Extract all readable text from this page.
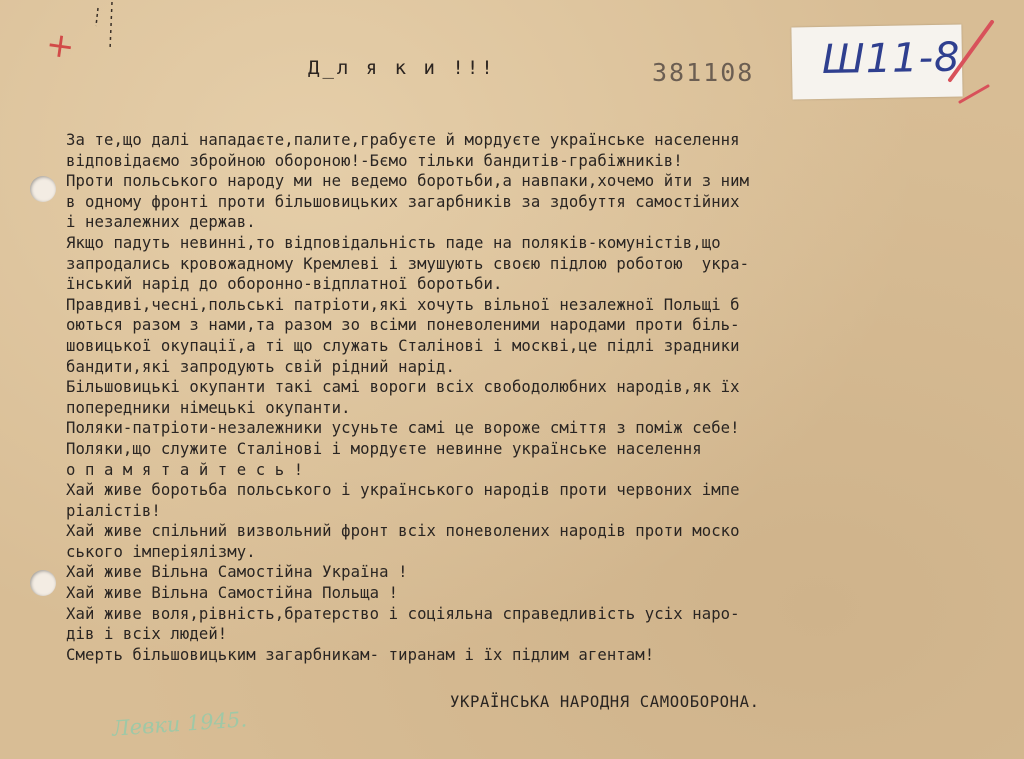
+
Д_л я к и !!!	381108 Ш11-8
За те,що далі нападаєте,палите,грабуєте й мордуєте українське населення
відповідаємо збройною обороною!-Бємо тільки бандитів-грабіжників!
Проти польського народу ми не ведемо боротьби,а навпаки,хочемо йти з ним
в одному фронті проти більшовицьких загарбників за здобуття самостійних
і незалежних держав.
Якщо падуть невинні,то відповідальність паде на поляків-комуністів,що
запродались кровожадному Кремлеві і змушують своєю підлою роботою  укра-
їнський нарід до оборонно-відплатної боротьби.
Правдиві,чесні,польські патріоти,які хочуть вільної незалежної Польщі б
оються разом з нами,та разом зо всіми поневоленими народами проти біль-
шовицької окупації,а ті що служать Сталінові і москві,це підлі зрадники
бандити,які запродують свій рідний нарід.
Більшовицькі окупанти такі самі вороги всіх свободолюбних народів,як їх
попередники німецькі окупанти.
Поляки-патріоти-незалежники усуньте самі це вороже сміття з поміж себе!
Поляки,що служите Сталінові і мордуєте невинне українське населення
о п а м я т а й т е с ь !
Хай живе боротьба польського і українського народів проти червоних імпе
ріалістів!
Хай живе спільний визвольний фронт всіх поневолених народів проти моско
ського імперіялізму.
Хай живе Вільна Самостійна Україна !
Хай живе Вільна Самостійна Польща !
Хай живе воля,рівність,братерство і соціяльна справедливість усіх наро-
дів і всіх людей!
Смерть більшовицьким загарбникам- тиранам і їх підлим агентам!
УКРАЇНСЬКА НАРОДНЯ САМООБОРОНА.
Левки 1945.
